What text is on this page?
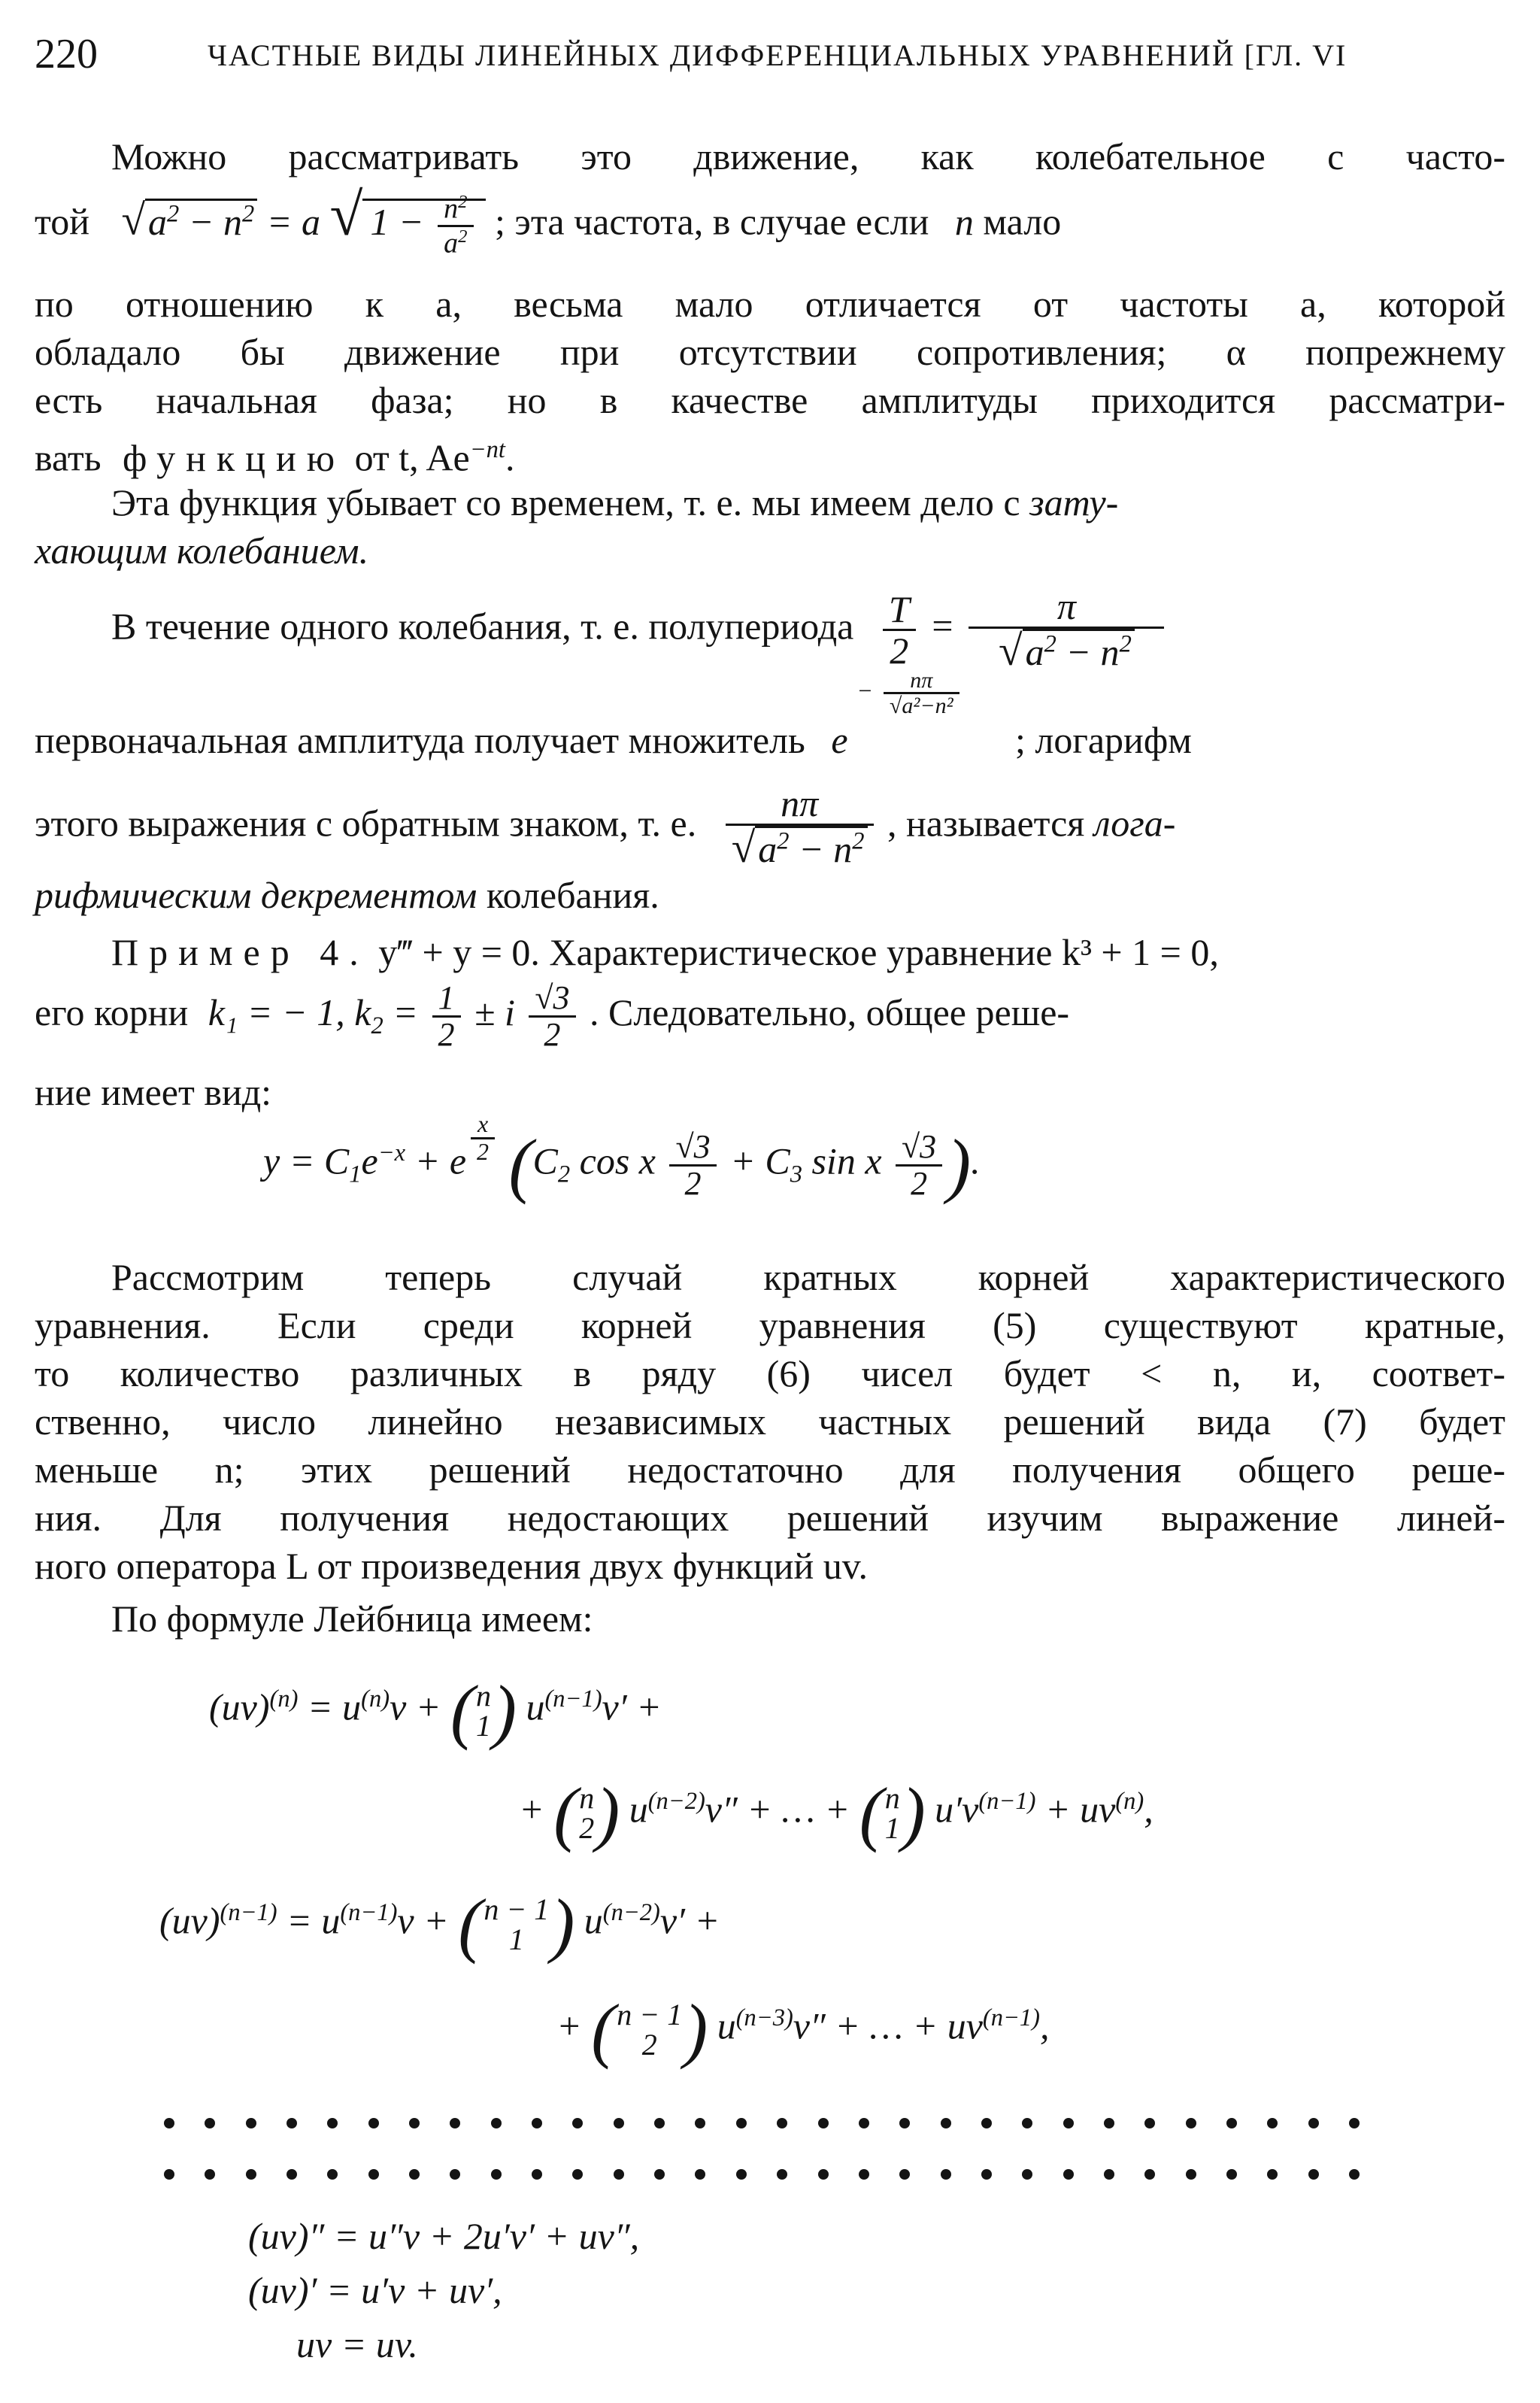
220	ЧАСТНЫЕ ВИДЫ ЛИНЕЙНЫХ ДИФФЕРЕНЦИАЛЬНЫХ УРАВНЕНИЙ [ГЛ. VI
Можно рассматривать это движение, как колебательное с часто-
той $√a^2 - n^2 = a$ √ $1 - \frac{n^2}{a^2}$ ; эта частота, в случае если n мало
по отношению к a, весьма мало отличается от частоты a, которой
обладало бы движение при отсутствии сопротивления; α попрежнему
есть начальная фаза; но в качестве амплитуды приходится рассматри-
вать функцию от t, $Ae^{-nt}$.
Эта функция убывает со временем, т. е. мы имеем дело с зату-
хающим колебанием.
В течение одного колебания, т. е. полупериода $\frac{T}{2} = \frac{\pi}{√a^2 - n^2}$
первоначальная амплитуда получает множитель e
− $\frac{n\pi}{\text{√a²−n²}}$
; логарифм
этого выражения с обратным знаком, т. е. $\frac{n\pi}{√a^2 - n^2}$ , называется лога-
рифмическим декрементом колебания.
Пример 4. y‴ + y = 0. Характеристическое уравнение k³ + 1 = 0,
его корни k₁ = − 1, $k_2 = \frac{1}{2} \pm i \frac{√3}{2}$ . Следовательно, общее реше-
ние имеет вид:
$y = C_1e^{-x} + e$ $^{\frac{x}{2}}$ ($C_2$ cos x $\frac{√3}{2} + C_3$ sin x $\frac{√3}{2}$ ).
Рассмотрим теперь случай кратных корней характеристического
уравнения. Если среди корней уравнения (5) существуют кратные,
то количество различных в ряду (6) чисел будет < n, и, соответ-
ственно, число линейно независимых частных решений вида (7) будет
меньше n; этих решений недостаточно для получения общего реше-
ния. Для получения недостающих решений изучим выражение линей-
ного оператора L от произведения двух функций uv.
По формуле Лейбница имеем:
$(uv)^{(n)} = u^{(n)}v + (n$
1) $u^{(n-1)}v'$ +
+ (n
2) $u^{(n-2)}v''$ + … + (n
1) $u'v^{(n-1)} + uv^{(n)}$,
$(uv)^{(n-1)} = u^{(n-1)}v + (n - 1$
1 ) $u^{(n-2)}v'$ +
+ (n − 1
2 ) $u^{(n-3)}v''$ + … + $uv^{(n-1)}$,
(uv)″ = u″v + 2u′v′ + uv″,
(uv)′ = u′v + uv′,
uv = uv.
